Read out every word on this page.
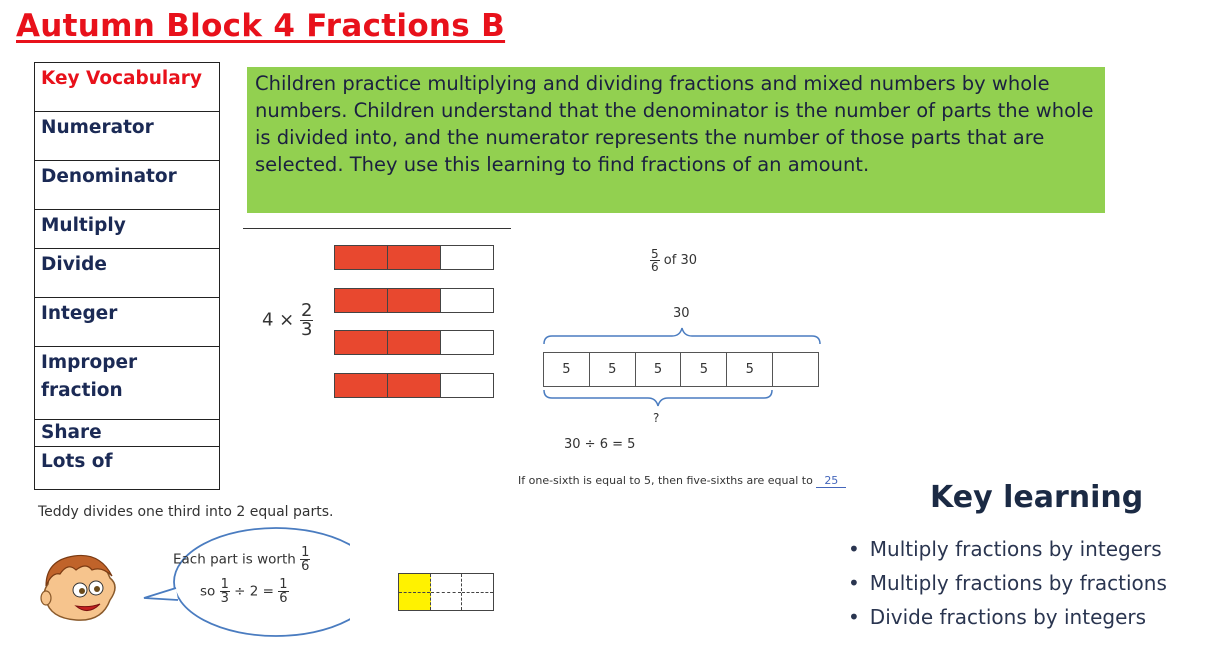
Autumn Block 4 Fractions B
Key Vocabulary
Numerator
Denominator
Multiply
Divide
Integer
Improper fraction
Share
Lots of
Children practice multiplying and dividing fractions and mixed numbers by whole numbers. Children understand that the denominator is the number of parts the whole is divided into, and the numerator represents the number of those parts that are selected. They use this learning to find fractions of an amount.
$4 \times \frac{2}{3}$
$\frac{5}{6}$ of 30
30
5	5	5	5	5
?
30 ÷ 6 = 5
If one-sixth is equal to 5, then five-sixths are equal to 25
Teddy divides one third into 2 equal parts.
Each part is worth $\frac{1}{6}$
so $\frac{1}{3} \div 2 = \frac{1}{6}$
Key learning
• Multiply fractions by integers
• Multiply fractions by fractions
• Divide fractions by integers
